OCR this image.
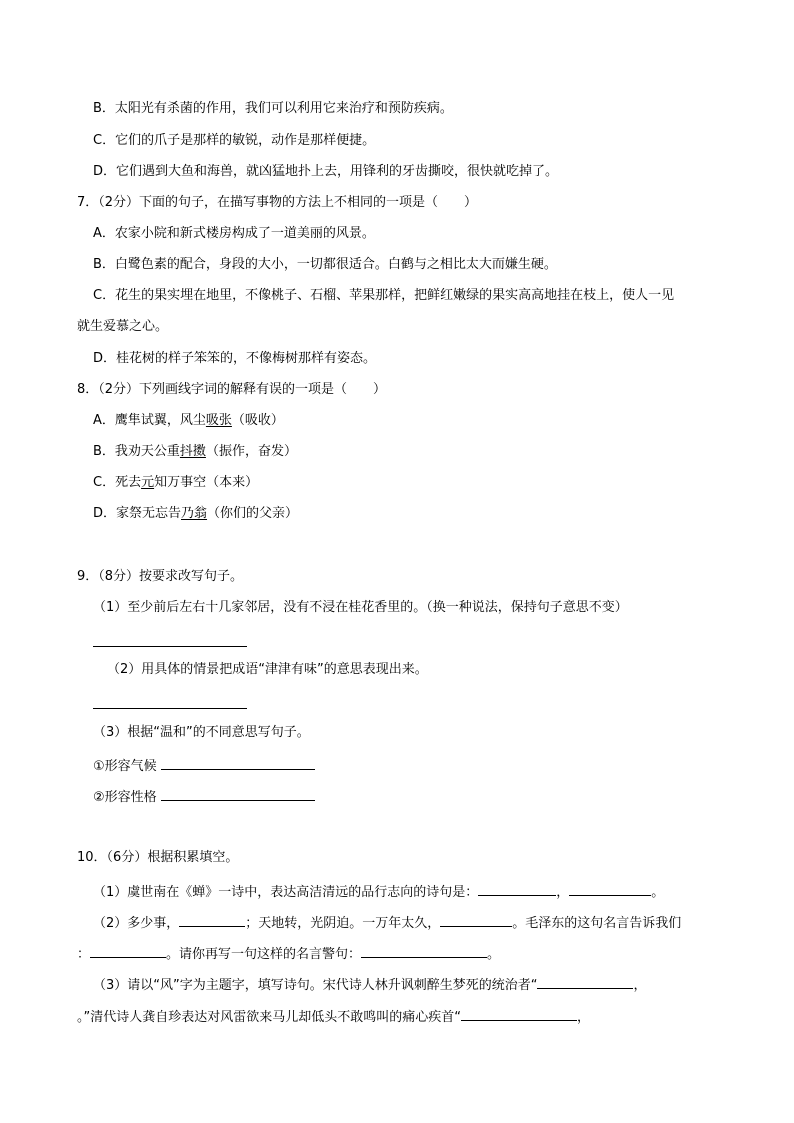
B．太阳光有杀菌的作用，我们可以利用它来治疗和预防疾病。
C．它们的爪子是那样的敏锐，动作是那样便捷。
D．它们遇到大鱼和海兽，就凶猛地扑上去，用锋利的牙齿撕咬，很快就吃掉了。
7．（2分）下面的句子，在描写事物的方法上不相同的一项是（　　）
A．农家小院和新式楼房构成了一道美丽的风景。
B．白鹭色素的配合，身段的大小，一切都很适合。白鹤与之相比太大而嫌生硬。
C．花生的果实埋在地里，不像桃子、石榴、苹果那样，把鲜红嫩绿的果实高高地挂在枝上，使人一见
就生爱慕之心。
D．桂花树的样子笨笨的，不像梅树那样有姿态。
8．（2分）下列画线字词的解释有误的一项是（　　）
A．鹰隼试翼，风尘吸张（吸收）
B．我劝天公重抖擞（振作，奋发）
C．死去元知万事空（本来）
D．家祭无忘告乃翁（你们的父亲）
9．（8分）按要求改写句子。
（1）至少前后左右十几家邻居，没有不浸在桂花香里的。（换一种说法，保持句子意思不变）
（2）用具体的情景把成语“津津有味”的意思表现出来。
（3）根据“温和”的不同意思写句子。
①形容气候
②形容性格
10．（6分）根据积累填空。
（1）虞世南在《蝉》一诗中，表达高洁清远的品行志向的诗句是：	，	。
（2）多少事，	；天地转，光阴迫。一万年太久，	。毛泽东的这句名言告诉我们
：	。请你再写一句这样的名言警句：	。
（3）请以“风”字为主题字，填写诗句。宋代诗人林升讽刺醉生梦死的统治者“	，
。”清代诗人龚自珍表达对风雷欲来马儿却低头不敢鸣叫的痛心疾首“	，
